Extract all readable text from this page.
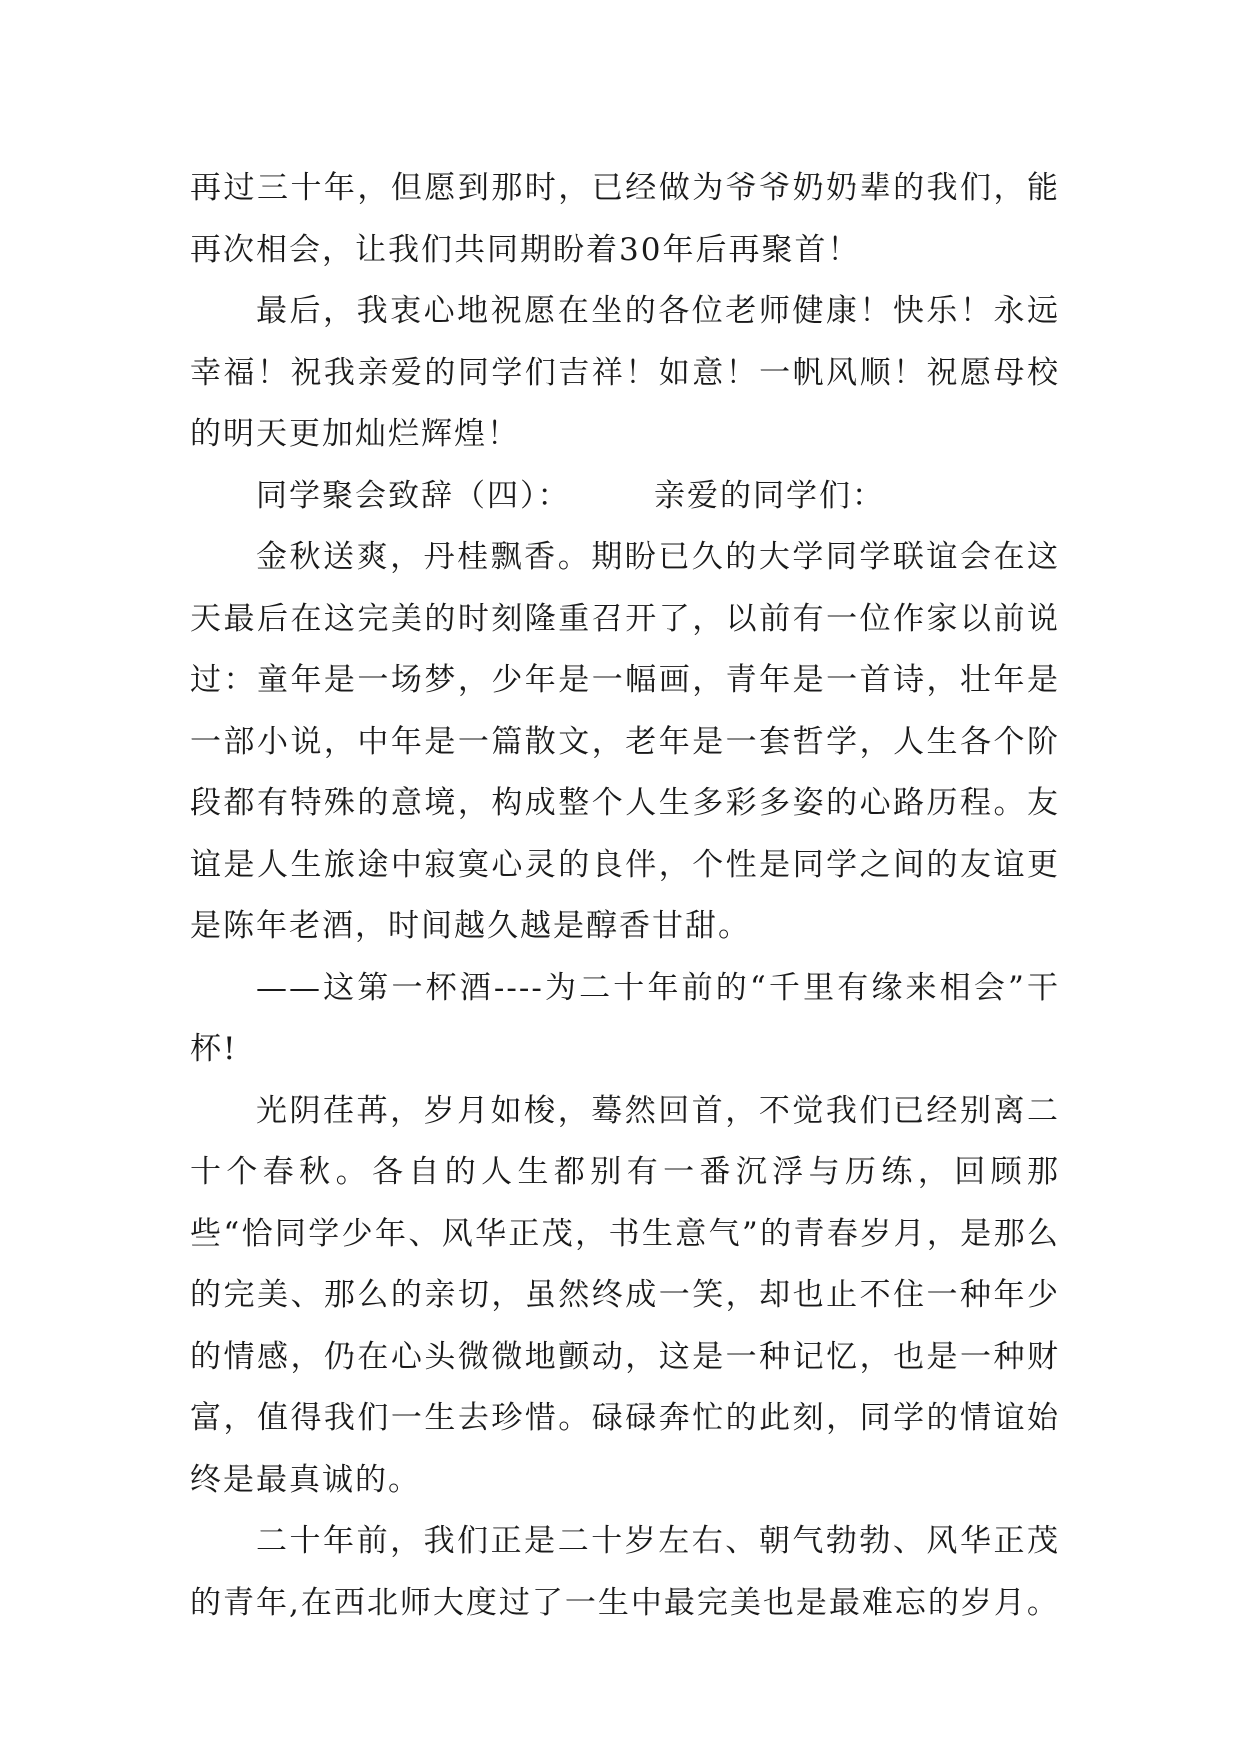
再过三十年，但愿到那时，已经做为爷爷奶奶辈的我们，能再次相会，让我们共同期盼着30年后再聚首！

最后，我衷心地祝愿在坐的各位老师健康！快乐！永远幸福！祝我亲爱的同学们吉祥！如意！一帆风顺！祝愿母校的明天更加灿烂辉煌！

同学聚会致辞（四）：　　　亲爱的同学们：

金秋送爽，丹桂飘香。期盼已久的大学同学联谊会在这天最后在这完美的时刻隆重召开了，以前有一位作家以前说过：童年是一场梦，少年是一幅画，青年是一首诗，壮年是一部小说，中年是一篇散文，老年是一套哲学，人生各个阶段都有特殊的意境，构成整个人生多彩多姿的心路历程。友谊是人生旅途中寂寞心灵的良伴，个性是同学之间的友谊更是陈年老酒，时间越久越是醇香甘甜。

——这第一杯酒----为二十年前的“千里有缘来相会”干杯!

光阴荏苒，岁月如梭，蓦然回首，不觉我们已经别离二十个春秋。各自的人生都别有一番沉浮与历练，回顾那些“恰同学少年、风华正茂，书生意气”的青春岁月，是那么的完美、那么的亲切，虽然终成一笑，却也止不住一种年少的情感，仍在心头微微地颤动，这是一种记忆，也是一种财富，值得我们一生去珍惜。碌碌奔忙的此刻，同学的情谊始终是最真诚的。

二十年前，我们正是二十岁左右、朝气勃勃、风华正茂的青年,在西北师大度过了一生中最完美也是最难忘的岁月。
